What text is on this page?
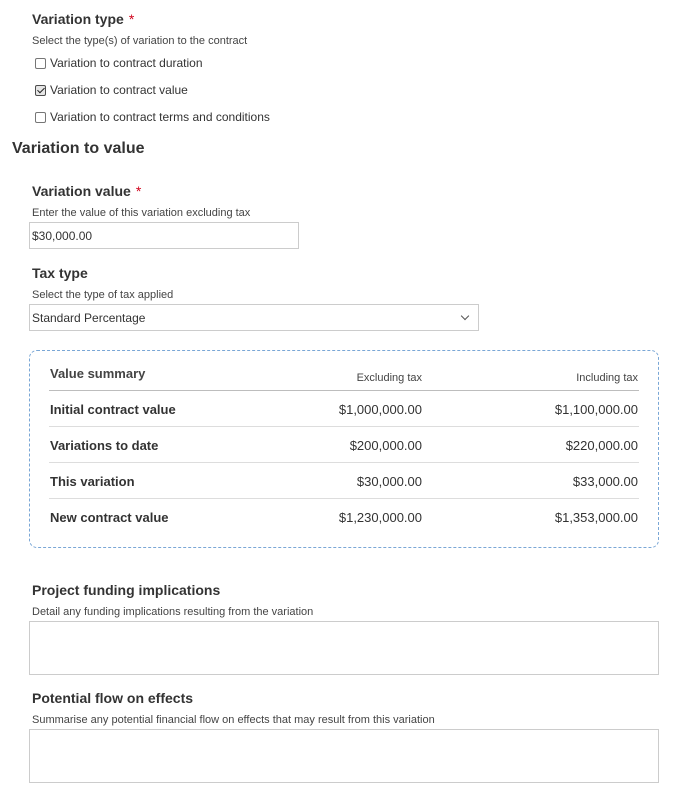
Variation type *
Select the type(s) of variation to the contract
Variation to contract duration
Variation to contract value
Variation to contract terms and conditions
Variation to value
Variation value *
Enter the value of this variation excluding tax
$30,000.00
Tax type
Select the type of tax applied
Standard Percentage
Value summary	Excluding tax	Including tax
Initial contract value	$1,000,000.00	$1,100,000.00
Variations to date	$200,000.00	$220,000.00
This variation	$30,000.00	$33,000.00
New contract value	$1,230,000.00	$1,353,000.00
Project funding implications
Detail any funding implications resulting from the variation
Potential flow on effects
Summarise any potential financial flow on effects that may result from this variation
